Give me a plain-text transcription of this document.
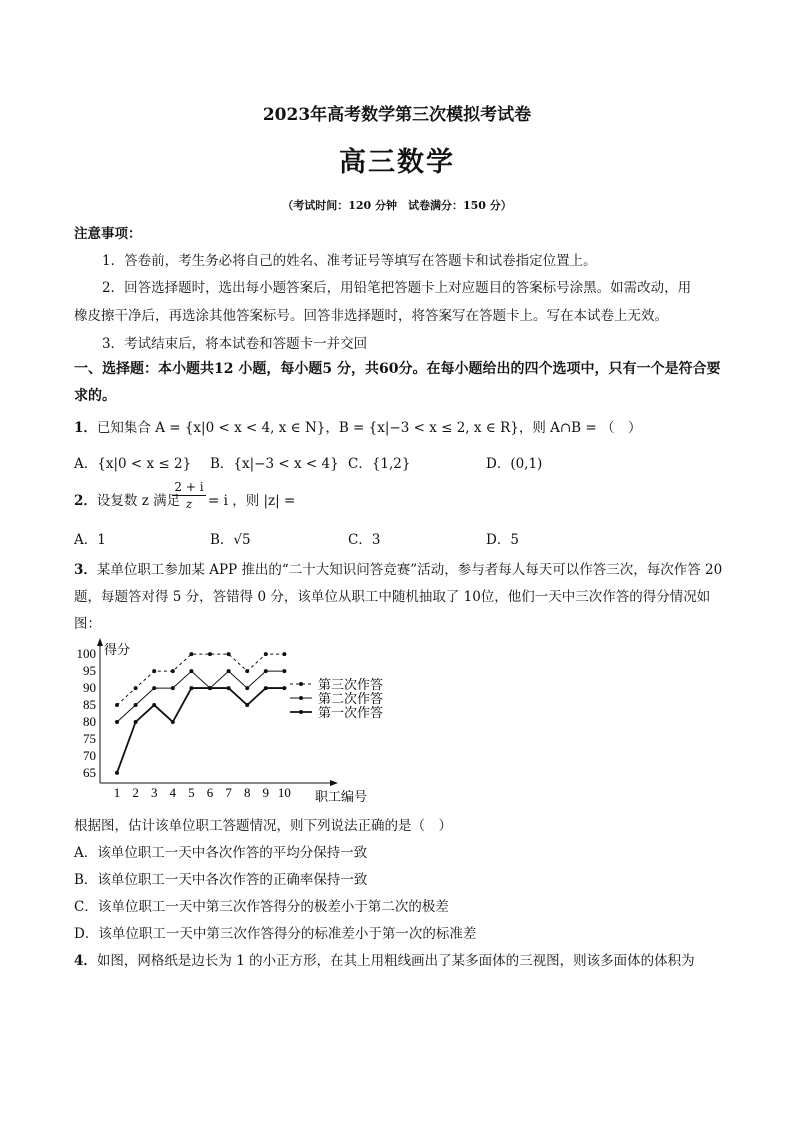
2023年高考数学第三次模拟考试卷
高三数学
（考试时间：120 分钟　试卷满分：150 分）
注意事项：
1．答卷前，考生务必将自己的姓名、准考证号等填写在答题卡和试卷指定位置上。
2．回答选择题时，选出每小题答案后，用铅笔把答题卡上对应题目的答案标号涂黑。如需改动，用
橡皮擦干净后，再选涂其他答案标号。回答非选择题时，将答案写在答题卡上。写在本试卷上无效。
3．考试结束后，将本试卷和答题卡一并交回
一、选择题：本小题共12 小题，每小题5 分，共60分。在每小题给出的四个选项中，只有一个是符合要
求的。
1．已知集合 A = {x|0 < x < 4, x ∈ N}，B = {x|−3 < x ≤ 2, x ∈ R}，则 A∩B = （　）
A．{x|0 < x ≤ 2} B．{x|−3 < x < 4} C．{1,2}	D．(0,1)
2．设复数 z 满足
$\frac{2 + i}{z} = i$ ，则 |z| =
A．1	B．√5	C．3	D．5
3．某单位职工参加某 APP 推出的“二十大知识问答竞赛”活动，参与者每人每天可以作答三次，每次作答 20
题，每题答对得 5 分，答错得 0 分，该单位从职工中随机抽取了 10位，他们一天中三次作答的得分情况如
图：
得分
职工编号
65
70
75
80
85
90
95
100
1 2 3 4 5 6 7 8 9 10
第三次作答
第二次作答
第一次作答
根据图，估计该单位职工答题情况，则下列说法正确的是（　）
A．该单位职工一天中各次作答的平均分保持一致
B．该单位职工一天中各次作答的正确率保持一致
C．该单位职工一天中第三次作答得分的极差小于第二次的极差
D．该单位职工一天中第三次作答得分的标准差小于第一次的标准差
4．如图，网格纸是边长为 1 的小正方形，在其上用粗线画出了某多面体的三视图，则该多面体的体积为
